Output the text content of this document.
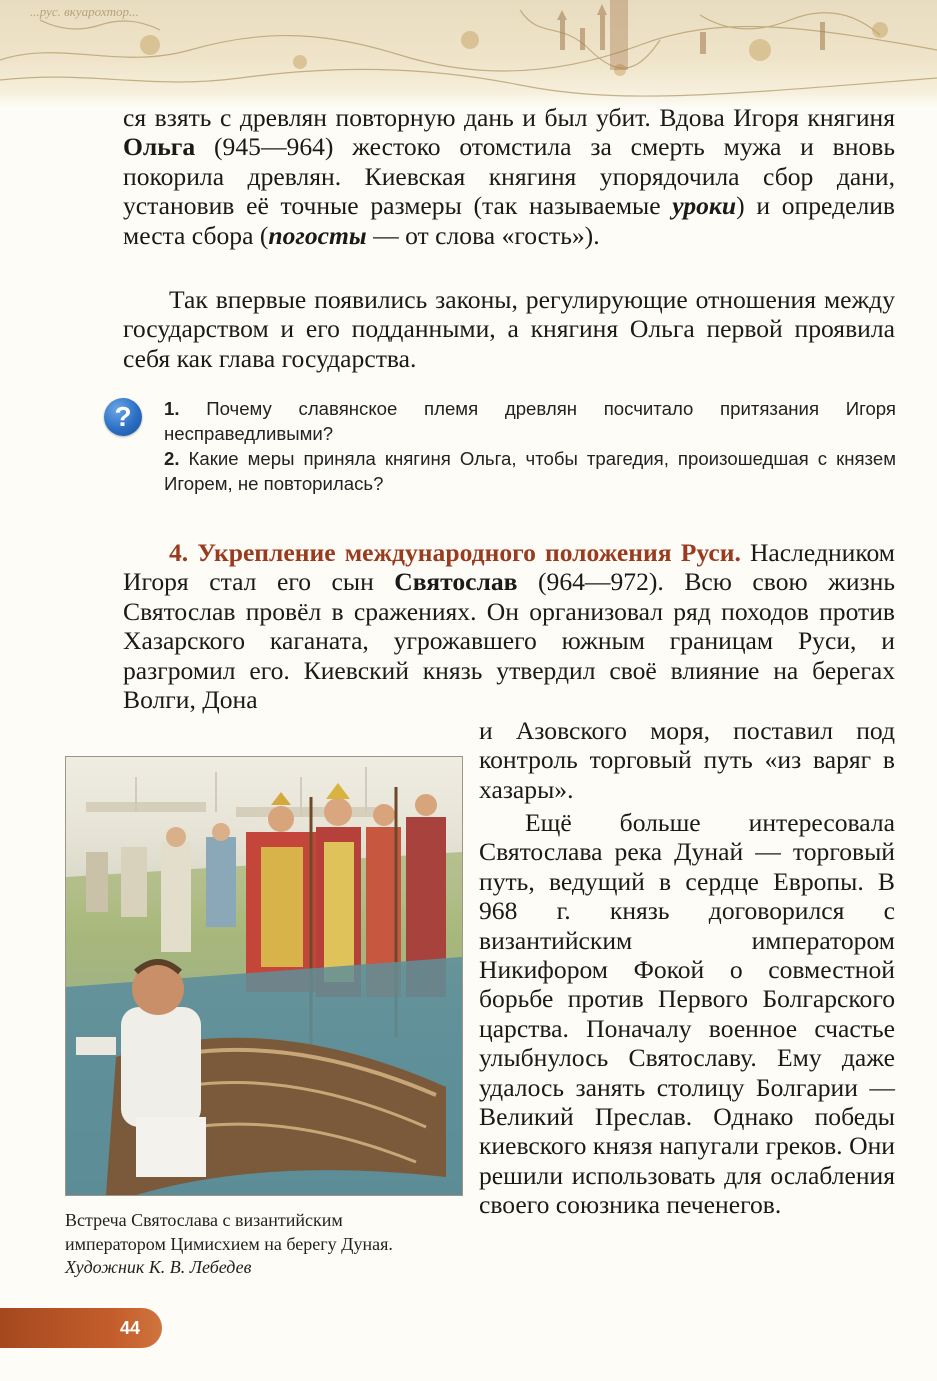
...рус. вкуарохтор...

ся взять с древлян повторную дань и был убит. Вдова Игоря княгиня Ольга (945—964) жестоко отомстила за смерть мужа и вновь покорила древлян. Киевская княгиня упорядочила сбор дани, установив её точные размеры (так называемые уроки) и определив места сбора (погосты — от слова «гость»).

Так впервые появились законы, регулирующие отношения между государством и его подданными, а княгиня Ольга первой проявила себя как глава государства.

?	1. Почему славянское племя древлян посчитало притязания Игоря несправедливыми?

2. Какие меры приняла княгиня Ольга, чтобы трагедия, произошедшая с князем Игорем, не повторилась?

4. Укрепление международного положения Руси. Наследником Игоря стал его сын Святослав (964—972). Всю свою жизнь Святослав провёл в сражениях. Он организовал ряд походов против Хазарского каганата, угрожавшего южным границам Руси, и разгромил его. Киевский князь утвердил своё влияние на берегах Волги, Дона

и Азовского моря, поставил под контроль торговый путь «из варяг в хазары».

Ещё больше интересовала Святослава река Дунай — торговый путь, ведущий в сердце Европы. В 968 г. князь договорился с византийским императором Никифором Фокой о совместной борьбе против Первого Болгарского царства. Поначалу военное счастье улыбнулось Святославу. Ему даже удалось занять столицу Болгарии — Великий Преслав. Однако победы киевского князя напугали греков. Они решили использовать для ослабления своего союзника печенегов.

Встреча Святослава с византийским императором Цимисхием на берегу Дуная. Художник К. В. Лебедев
44
